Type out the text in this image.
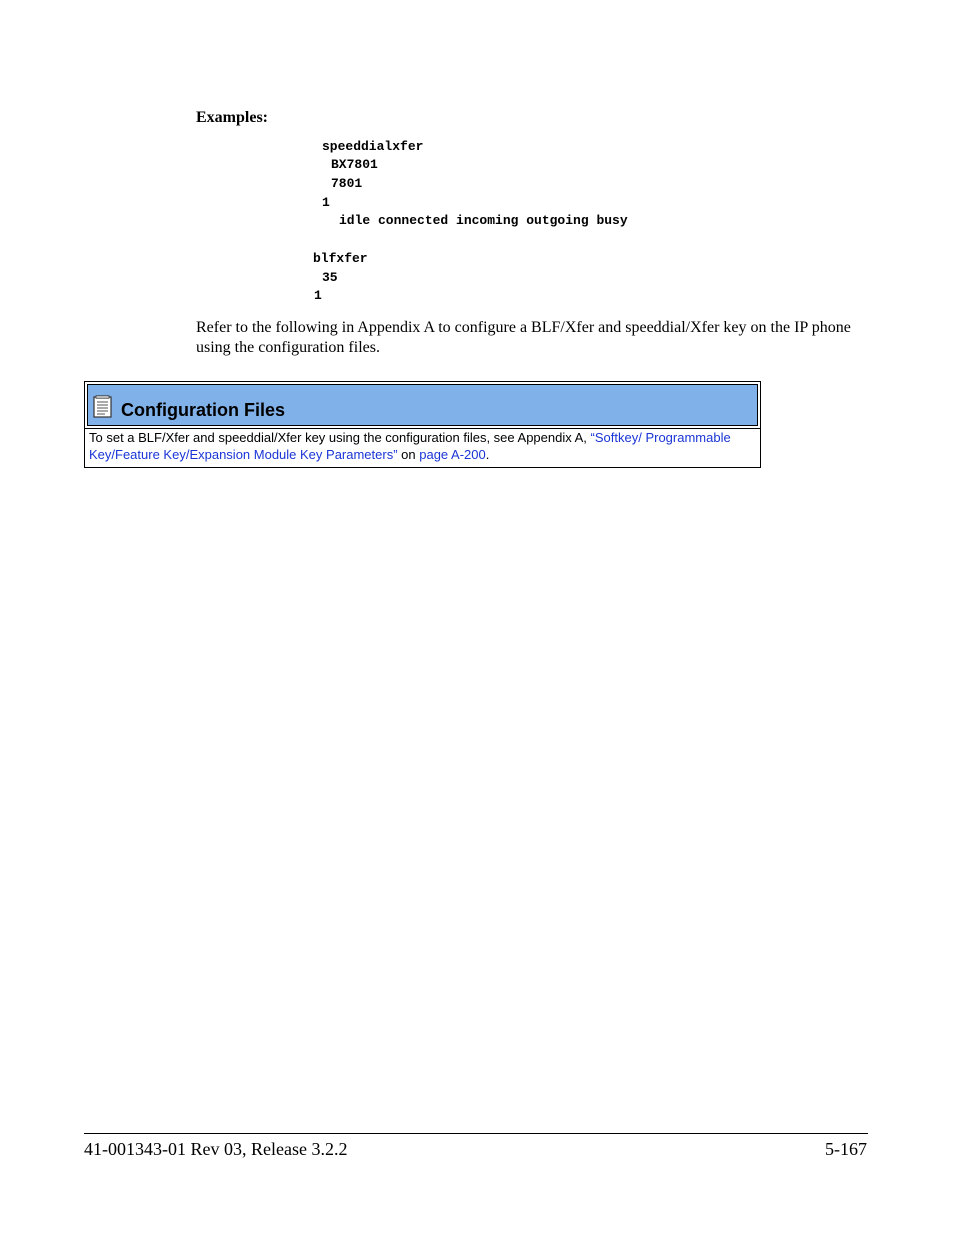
Examples:
speeddialxfer
BX7801
7801
1
idle connected incoming outgoing busy
blfxfer
35
1

Refer to the following in Appendix A to configure a BLF/Xfer and speeddial/Xfer key on the IP phone using the configuration files.

Configuration Files
To set a BLF/Xfer and speeddial/Xfer key using the configuration files, see Appendix A, “Softkey/ Programmable Key/Feature Key/Expansion Module Key Parameters” on page A-200.
41-001343-01 Rev 03, Release 3.2.2	5-167
